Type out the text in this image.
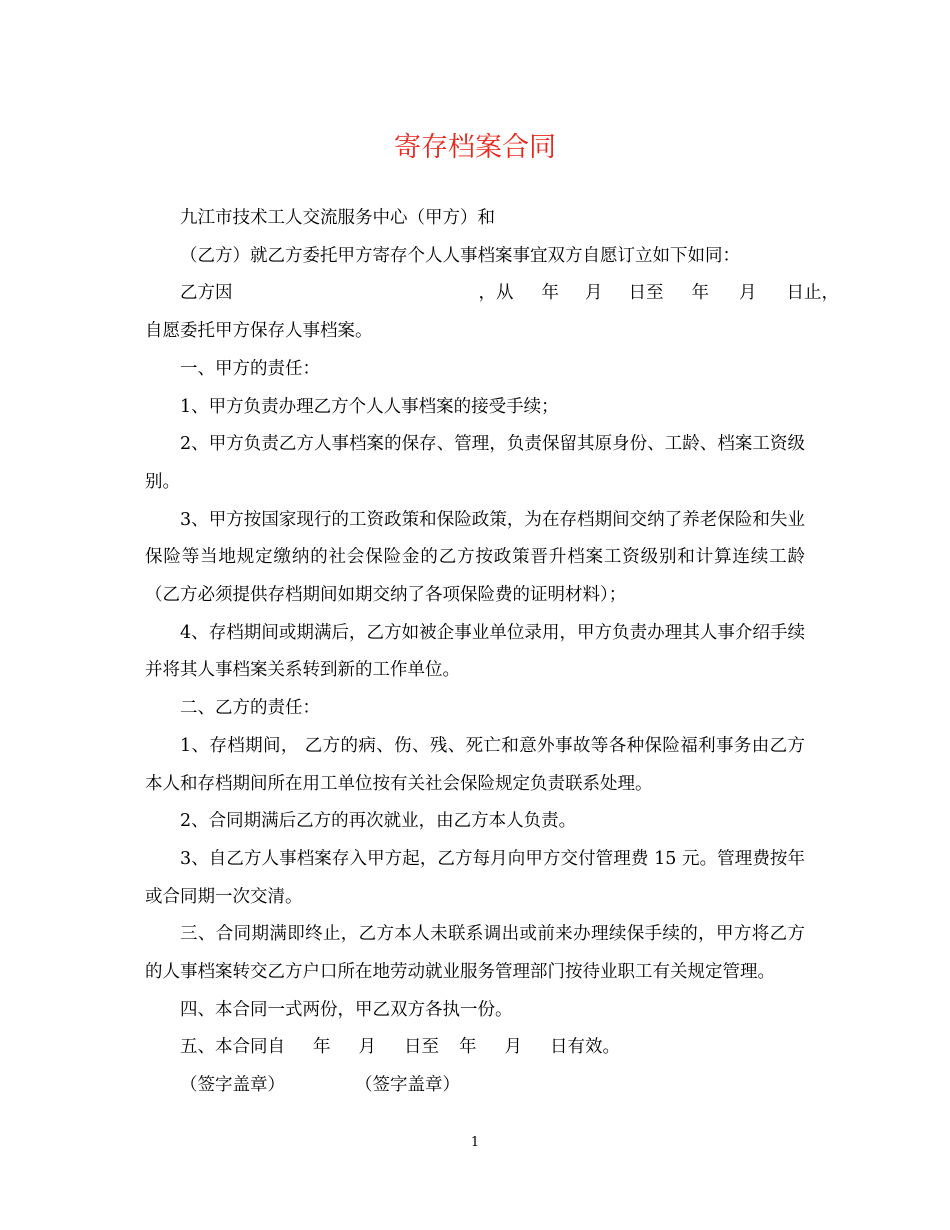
寄存档案合同

九江市技术工人交流服务中心（甲方）和

（乙方）就乙方委托甲方寄存个人人事档案事宜双方自愿订立如下如同：

乙方因	，从 年 月 日至 年 月 日止，

自愿委托甲方保存人事档案。

一、甲方的责任：

1、甲方负责办理乙方个人人事档案的接受手续；

2、甲方负责乙方人事档案的保存、管理，负责保留其原身份、工龄、档案工资级别。

3、甲方按国家现行的工资政策和保险政策，为在存档期间交纳了养老保险和失业保险等当地规定缴纳的社会保险金的乙方按政策晋升档案工资级别和计算连续工龄（乙方必须提供存档期间如期交纳了各项保险费的证明材料）；

4、存档期间或期满后，乙方如被企事业单位录用，甲方负责办理其人事介绍手续并将其人事档案关系转到新的工作单位。

二、乙方的责任：

1、存档期间， 乙方的病、伤、残、死亡和意外事故等各种保险福利事务由乙方本人和存档期间所在用工单位按有关社会保险规定负责联系处理。

2、合同期满后乙方的再次就业，由乙方本人负责。

3、自乙方人事档案存入甲方起，乙方每月向甲方交付管理费 15 元。管理费按年或合同期一次交清。

三、合同期满即终止，乙方本人未联系调出或前来办理续保手续的，甲方将乙方的人事档案转交乙方户口所在地劳动就业服务管理部门按待业职工有关规定管理。

四、本合同一式两份，甲乙双方各执一份。

五、本合同自 年 月 日至 年 月 日有效。

（签字盖章）	（签字盖章）

1
